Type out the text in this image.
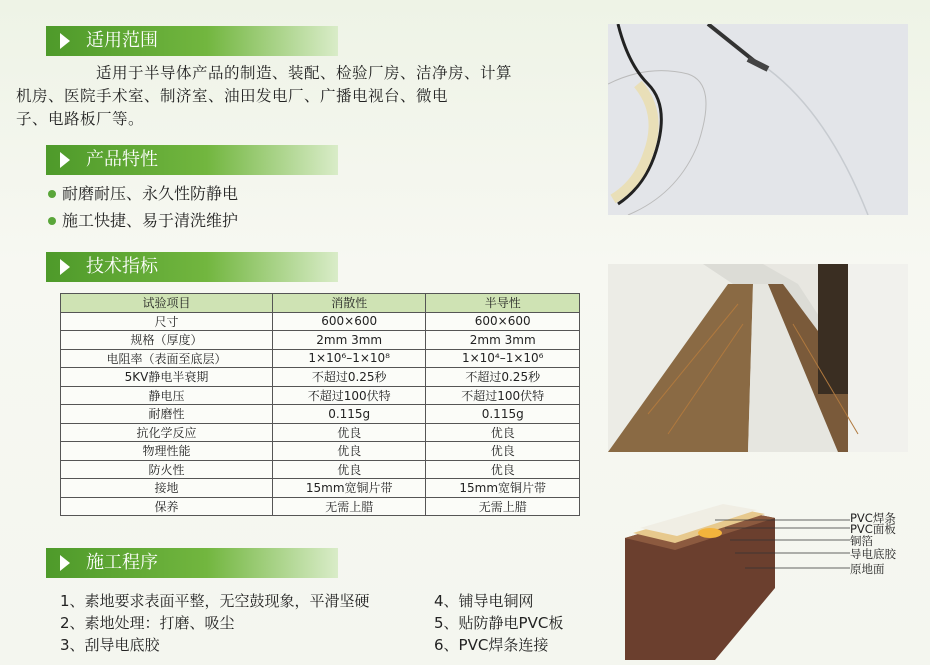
适用范围
适用于半导体产品的制造、装配、检验厂房、洁净房、计算
机房、医院手术室、制济室、油田发电厂、广播电视台、微电
子、电路板厂等。
产品特性
耐磨耐压、永久性防静电
施工快捷、易于清洗维护
技术指标
试验项目	消散性	半导性
尺寸	600×600	600×600
规格（厚度）	2mm 3mm	2mm 3mm
电阻率（表面至底层）	1×10⁶–1×10⁸	1×10⁴–1×10⁶
5KV静电半衰期	不超过0.25秒	不超过0.25秒
静电压	不超过100伏特	不超过100伏特
耐磨性	0.115g	0.115g
抗化学反应	优良	优良
物理性能	优良	优良
防火性	优良	优良
接地	15mm宽铜片带	15mm宽铜片带
保养	无需上腊	无需上腊
施工程序
1、素地要求表面平整，无空鼓现象，平滑坚硬
2、素地处理：打磨、吸尘
3、刮导电底胶
4、铺导电铜网
5、贴防静电PVC板
6、PVC焊条连接
PVC焊条
PVC面板
铜箔
导电底胶
原地面
